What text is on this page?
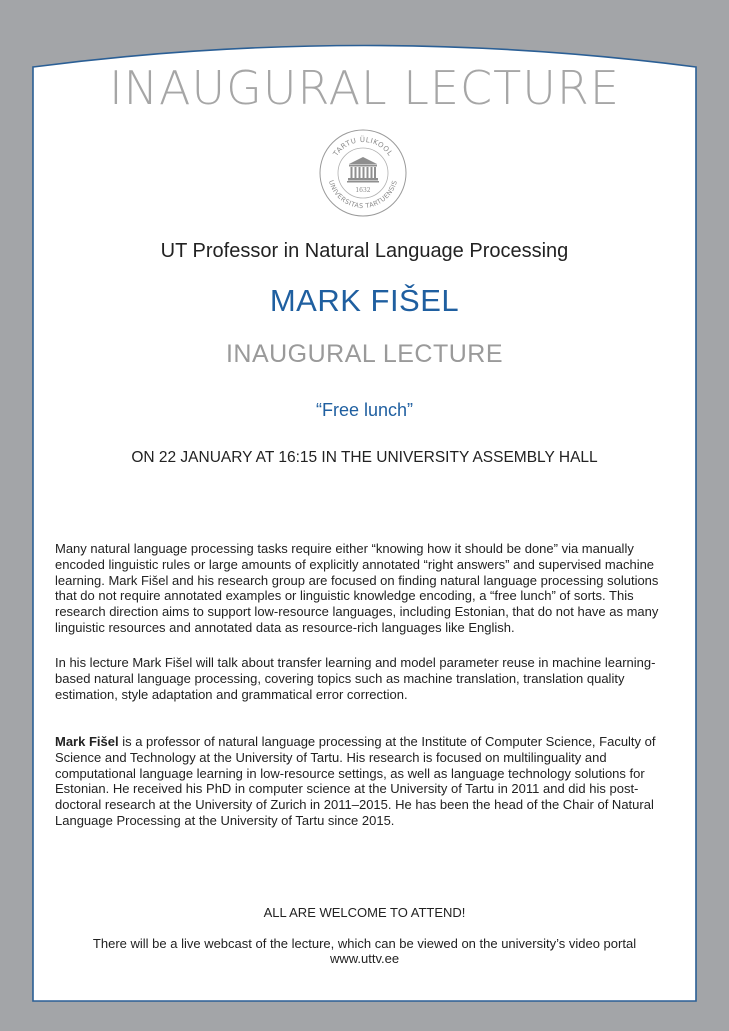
INAUGURAL LECTURE
TARTU ÜLIKOOL
UNIVERSITAS TARTUENSIS
1632
UT Professor in Natural Language Processing
MARK FIŠEL
INAUGURAL LECTURE
“Free lunch”
ON 22 JANUARY AT 16:15 IN THE UNIVERSITY ASSEMBLY HALL

Many natural language processing tasks require either “knowing how it should be done” via manually encoded linguistic rules or large amounts of explicitly annotated “right answers” and supervised machine learning. Mark Fišel and his research group are focused on finding natural language processing solutions that do not require annotated examples or linguistic knowledge encoding, a “free lunch” of sorts. This research direction aims to support low-resource languages, including Estonian, that do not have as many linguistic resources and annotated data as resource-rich languages like English.

In his lecture Mark Fišel will talk about transfer learning and model parameter reuse in machine learning-based natural language processing, covering topics such as machine translation, translation quality estimation, style adaptation and grammatical error correction.

Mark Fišel is a professor of natural language processing at the Institute of Computer Science, Faculty of Science and Technology at the University of Tartu. His research is focused on multilinguality and computational language learning in low-resource settings, as well as language technology solutions for Estonian. He received his PhD in computer science at the University of Tartu in 2011 and did his post-doctoral research at the University of Zurich in 2011–2015. He has been the head of the Chair of Natural Language Processing at the University of Tartu since 2015.

ALL ARE WELCOME TO ATTEND!
There will be a live webcast of the lecture, which can be viewed on the university’s video portal
www.uttv.ee
